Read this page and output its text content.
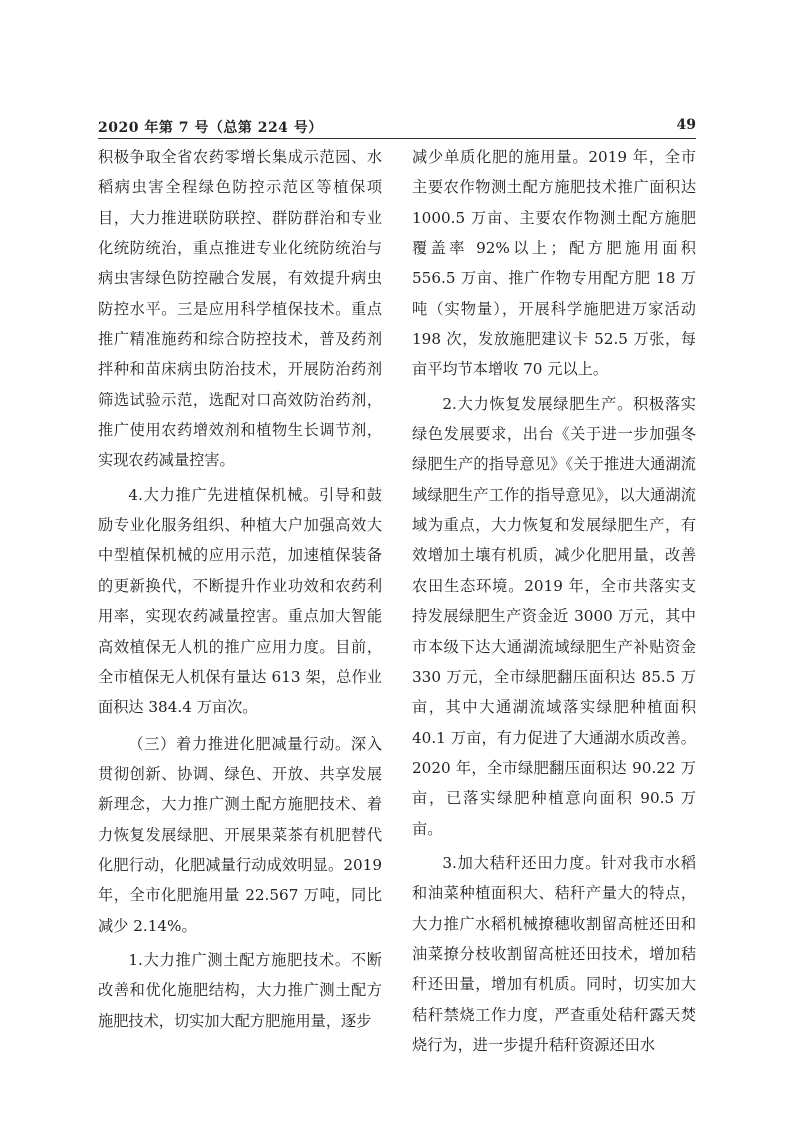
2020 年第 7 号（总第 224 号）	49

积极争取全省农药零增长集成示范园、水稻病虫害全程绿色防控示范区等植保项目，大力推进联防联控、群防群治和专业化统防统治，重点推进专业化统防统治与病虫害绿色防控融合发展，有效提升病虫防控水平。三是应用科学植保技术。重点推广精准施药和综合防控技术，普及药剂拌种和苗床病虫防治技术，开展防治药剂筛选试验示范，选配对口高效防治药剂，推广使用农药增效剂和植物生长调节剂，实现农药减量控害。

4.大力推广先进植保机械。引导和鼓励专业化服务组织、种植大户加强高效大中型植保机械的应用示范，加速植保装备的更新换代，不断提升作业功效和农药利用率，实现农药减量控害。重点加大智能高效植保无人机的推广应用力度。目前，全市植保无人机保有量达 613 架，总作业面积达 384.4 万亩次。

（三）着力推进化肥减量行动。深入贯彻创新、协调、绿色、开放、共享发展新理念，大力推广测土配方施肥技术、着力恢复发展绿肥、开展果菜茶有机肥替代化肥行动，化肥减量行动成效明显。2019 年，全市化肥施用量 22.567 万吨，同比减少 2.14%。

1.大力推广测土配方施肥技术。不断改善和优化施肥结构，大力推广测土配方施肥技术，切实加大配方肥施用量，逐步

减少单质化肥的施用量。2019 年，全市主要农作物测土配方施肥技术推广面积达 1000.5 万亩、主要农作物测土配方施肥覆盖率 92%以上；配方肥施用面积 556.5 万亩、推广作物专用配方肥 18 万吨（实物量），开展科学施肥进万家活动 198 次，发放施肥建议卡 52.5 万张，每亩平均节本增收 70 元以上。

2.大力恢复发展绿肥生产。积极落实绿色发展要求，出台《关于进一步加强冬绿肥生产的指导意见》《关于推进大通湖流域绿肥生产工作的指导意见》，以大通湖流域为重点，大力恢复和发展绿肥生产，有效增加土壤有机质，减少化肥用量，改善农田生态环境。2019 年，全市共落实支持发展绿肥生产资金近 3000 万元，其中市本级下达大通湖流域绿肥生产补贴资金 330 万元，全市绿肥翻压面积达 85.5 万亩，其中大通湖流域落实绿肥种植面积 40.1 万亩，有力促进了大通湖水质改善。2020 年，全市绿肥翻压面积达 90.22 万亩，已落实绿肥种植意向面积 90.5 万亩。

3.加大秸秆还田力度。针对我市水稻和油菜种植面积大、秸秆产量大的特点，大力推广水稻机械撩穗收割留高桩还田和油菜撩分枝收割留高桩还田技术，增加秸秆还田量，增加有机质。同时，切实加大秸秆禁烧工作力度，严查重处秸秆露天焚烧行为，进一步提升秸秆资源还田水
